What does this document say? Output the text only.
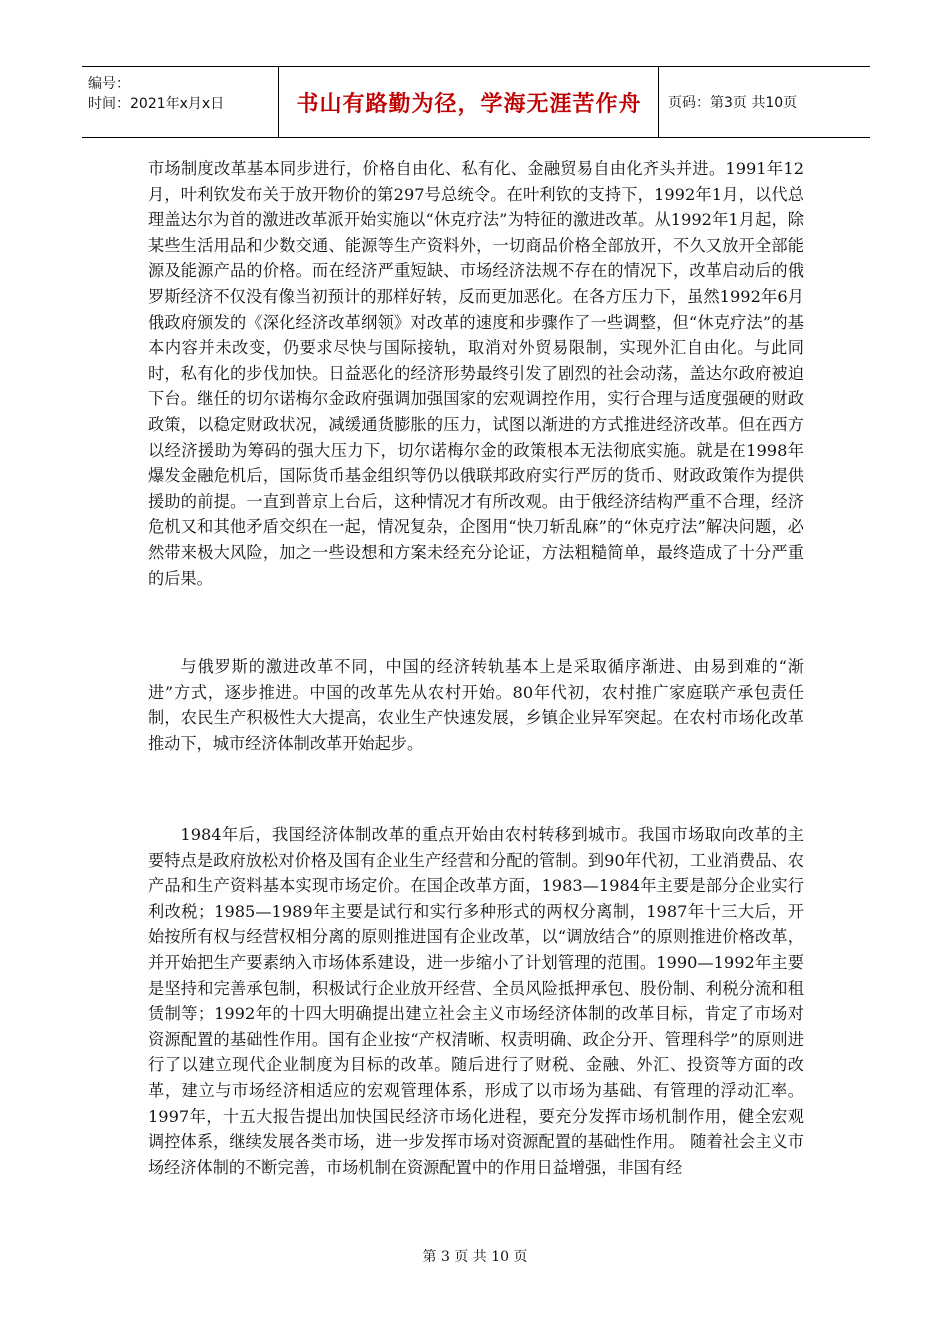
编号：
时间：2021年x月x日	书山有路勤为径，学海无涯苦作舟 页码：第3页 共10页

市场制度改革基本同步进行，价格自由化、私有化、金融贸易自由化齐头并进。1991年12月，叶利钦发布关于放开物价的第297号总统令。在叶利钦的支持下，1992年1月，以代总理盖达尔为首的激进改革派开始实施以“休克疗法”为特征的激进改革。从1992年1月起，除某些生活用品和少数交通、能源等生产资料外，一切商品价格全部放开，不久又放开全部能源及能源产品的价格。而在经济严重短缺、市场经济法规不存在的情况下，改革启动后的俄罗斯经济不仅没有像当初预计的那样好转，反而更加恶化。在各方压力下，虽然1992年6月俄政府颁发的《深化经济改革纲领》对改革的速度和步骤作了一些调整，但“休克疗法”的基本内容并未改变，仍要求尽快与国际接轨，取消对外贸易限制，实现外汇自由化。与此同时，私有化的步伐加快。日益恶化的经济形势最终引发了剧烈的社会动荡，盖达尔政府被迫下台。继任的切尔诺梅尔金政府强调加强国家的宏观调控作用，实行合理与适度强硬的财政政策，以稳定财政状况，减缓通货膨胀的压力，试图以渐进的方式推进经济改革。但在西方以经济援助为筹码的强大压力下，切尔诺梅尔金的政策根本无法彻底实施。就是在1998年爆发金融危机后，国际货币基金组织等仍以俄联邦政府实行严厉的货币、财政政策作为提供援助的前提。一直到普京上台后，这种情况才有所改观。由于俄经济结构严重不合理，经济危机又和其他矛盾交织在一起，情况复杂，企图用“快刀斩乱麻”的“休克疗法”解决问题，必然带来极大风险，加之一些设想和方案未经充分论证，方法粗糙简单，最终造成了十分严重的后果。

与俄罗斯的激进改革不同，中国的经济转轨基本上是采取循序渐进、由易到难的“渐进”方式，逐步推进。中国的改革先从农村开始。80年代初，农村推广家庭联产承包责任制，农民生产积极性大大提高，农业生产快速发展，乡镇企业异军突起。在农村市场化改革推动下，城市经济体制改革开始起步。

1984年后，我国经济体制改革的重点开始由农村转移到城市。我国市场取向改革的主要特点是政府放松对价格及国有企业生产经营和分配的管制。到90年代初，工业消费品、农产品和生产资料基本实现市场定价。在国企改革方面，1983—1984年主要是部分企业实行利改税；1985—1989年主要是试行和实行多种形式的两权分离制，1987年十三大后，开始按所有权与经营权相分离的原则推进国有企业改革，以“调放结合”的原则推进价格改革，并开始把生产要素纳入市场体系建设，进一步缩小了计划管理的范围。1990—1992年主要是坚持和完善承包制，积极试行企业放开经营、全员风险抵押承包、股份制、利税分流和租赁制等；1992年的十四大明确提出建立社会主义市场经济体制的改革目标，肯定了市场对资源配置的基础性作用。国有企业按“产权清晰、权责明确、政企分开、管理科学”的原则进行了以建立现代企业制度为目标的改革。随后进行了财税、金融、外汇、投资等方面的改革，建立与市场经济相适应的宏观管理体系，形成了以市场为基础、有管理的浮动汇率。1997年，十五大报告提出加快国民经济市场化进程，要充分发挥市场机制作用，健全宏观调控体系，继续发展各类市场，进一步发挥市场对资源配置的基础性作用。 随着社会主义市场经济体制的不断完善，市场机制在资源配置中的作用日益增强，非国有经

第 3 页 共 10 页
